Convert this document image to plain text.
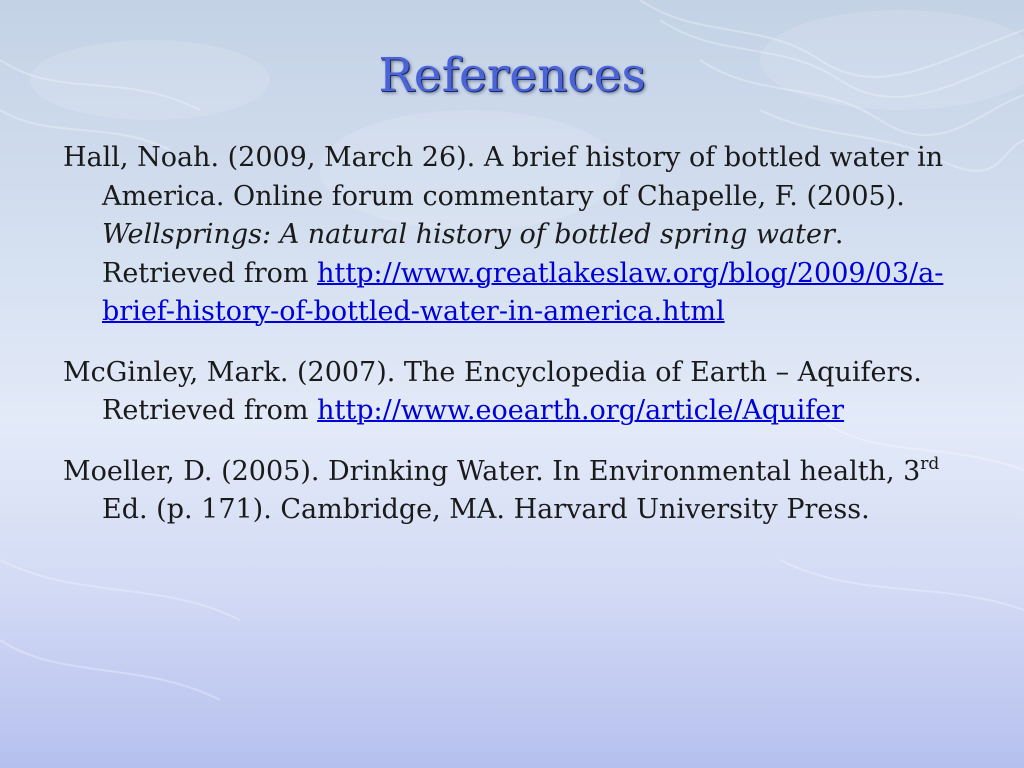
References

Hall, Noah. (2009, March 26). A brief history of bottled water in America. Online forum commentary of Chapelle, F. (2005). Wellsprings: A natural history of bottled spring water. Retrieved from http://www.greatlakeslaw.org/blog/2009/03/a-brief-history-of-bottled-water-in-america.html

McGinley, Mark. (2007). The Encyclopedia of Earth – Aquifers. Retrieved from http://www.eoearth.org/article/Aquifer

Moeller, D. (2005). Drinking Water. In Environmental health, 3rd Ed. (p. 171). Cambridge, MA. Harvard University Press.
